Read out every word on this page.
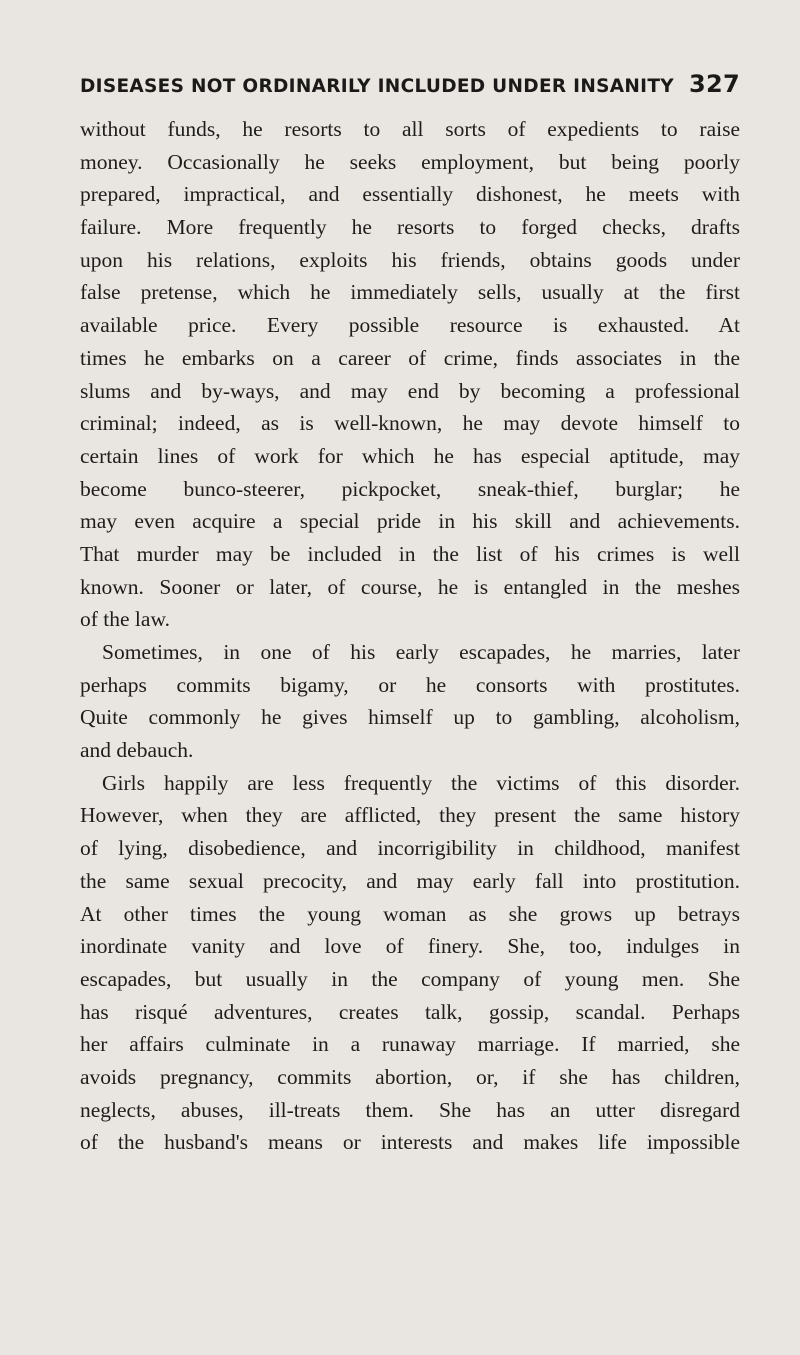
DISEASES NOT ORDINARILY INCLUDED UNDER INSANITY 327
without funds, he resorts to all sorts of expedients to raise
money. Occasionally he seeks employment, but being poorly
prepared, impractical, and essentially dishonest, he meets with
failure. More frequently he resorts to forged checks, drafts
upon his relations, exploits his friends, obtains goods under
false pretense, which he immediately sells, usually at the first
available price. Every possible resource is exhausted. At
times he embarks on a career of crime, finds associates in the
slums and by-ways, and may end by becoming a professional
criminal; indeed, as is well-known, he may devote himself to
certain lines of work for which he has especial aptitude, may
become bunco-steerer, pickpocket, sneak-thief, burglar; he
may even acquire a special pride in his skill and achievements.
That murder may be included in the list of his crimes is well
known. Sooner or later, of course, he is entangled in the meshes
of the law.
Sometimes, in one of his early escapades, he marries, later
perhaps commits bigamy, or he consorts with prostitutes.
Quite commonly he gives himself up to gambling, alcoholism,
and debauch.
Girls happily are less frequently the victims of this disorder.
However, when they are afflicted, they present the same history
of lying, disobedience, and incorrigibility in childhood, manifest
the same sexual precocity, and may early fall into prostitution.
At other times the young woman as she grows up betrays
inordinate vanity and love of finery. She, too, indulges in
escapades, but usually in the company of young men. She
has risqué adventures, creates talk, gossip, scandal. Perhaps
her affairs culminate in a runaway marriage. If married, she
avoids pregnancy, commits abortion, or, if she has children,
neglects, abuses, ill-treats them. She has an utter disregard
of the husband's means or interests and makes life impossible
